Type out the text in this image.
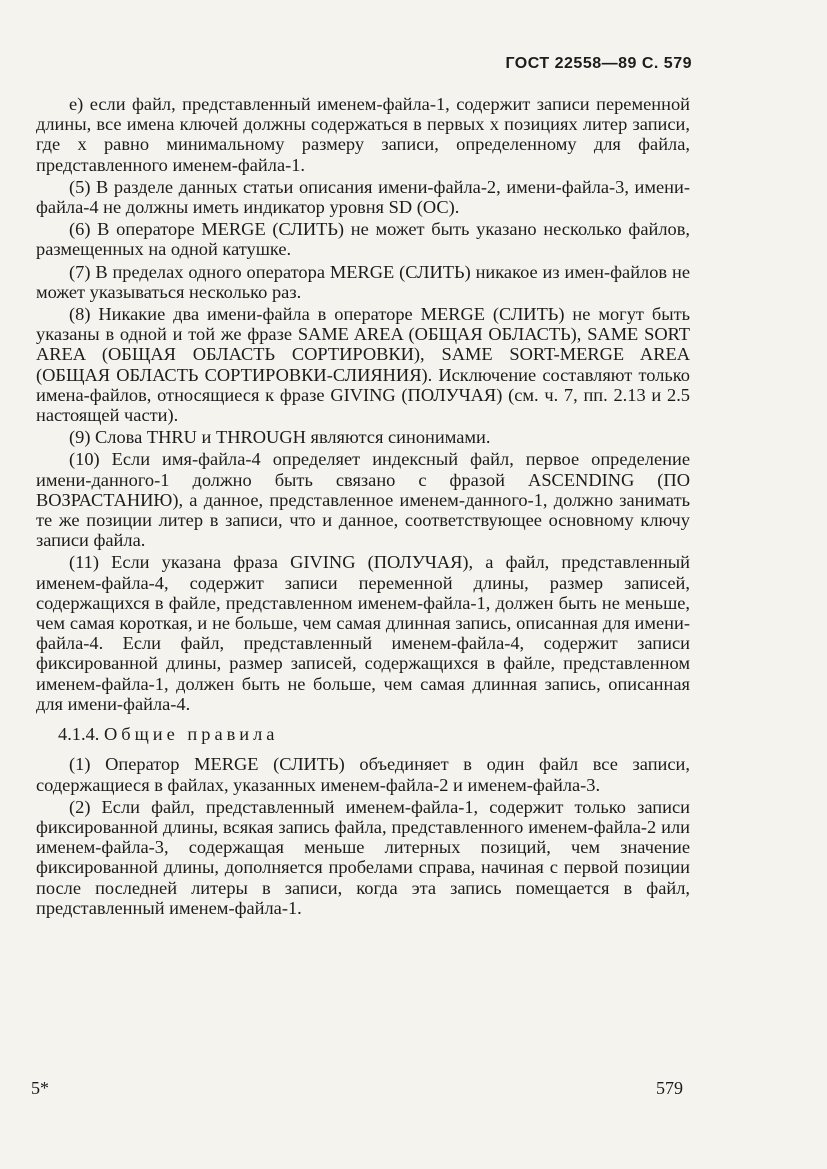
ГОСТ 22558—89 С. 579

е) если файл, представленный именем-файла-1, содержит записи переменной длины, все имена ключей должны содержаться в первых х позициях литер записи, где х равно минимальному размеру записи, определенному для файла, представленного именем-файла-1.

(5) В разделе данных статьи описания имени-файла-2, имени-файла-3, имени-файла-4 не должны иметь индикатор уровня SD (ОС).

(6) В операторе MERGE (СЛИТЬ) не может быть указано несколько файлов, размещенных на одной катушке.

(7) В пределах одного оператора MERGE (СЛИТЬ) никакое из имен-файлов не может указываться несколько раз.

(8) Никакие два имени-файла в операторе MERGE (СЛИТЬ) не могут быть указаны в одной и той же фразе SAME AREA (ОБЩАЯ ОБЛАСТЬ), SAME SORT AREA (ОБЩАЯ ОБЛАСТЬ СОРТИРОВКИ), SAME SORT-MERGE AREA (ОБЩАЯ ОБЛАСТЬ СОРТИРОВКИ-СЛИЯНИЯ). Исключение составляют только имена-файлов, относящиеся к фразе GIVING (ПОЛУЧАЯ) (см. ч. 7, пп. 2.13 и 2.5 настоящей части).

(9) Слова THRU и THROUGH являются синонимами.

(10) Если имя-файла-4 определяет индексный файл, первое определение имени-данного-1 должно быть связано с фразой ASCENDING (ПО ВОЗРАСТАНИЮ), а данное, представленное именем-данного-1, должно занимать те же позиции литер в записи, что и данное, соответствующее основному ключу записи файла.

(11) Если указана фраза GIVING (ПОЛУЧАЯ), а файл, представленный именем-файла-4, содержит записи переменной длины, размер записей, содержащихся в файле, представленном именем-файла-1, должен быть не меньше, чем самая короткая, и не больше, чем самая длинная запись, описанная для имени-файла-4. Если файл, представленный именем-файла-4, содержит записи фиксированной длины, размер записей, содержащихся в файле, представленном именем-файла-1, должен быть не больше, чем самая длинная запись, описанная для имени-файла-4.

4.1.4. Общие правила

(1) Оператор MERGE (СЛИТЬ) объединяет в один файл все записи, содержащиеся в файлах, указанных именем-файла-2 и именем-файла-3.

(2) Если файл, представленный именем-файла-1, содержит только записи фиксированной длины, всякая запись файла, представленного именем-файла-2 или именем-файла-3, содержащая меньше литерных позиций, чем значение фиксированной длины, дополняется пробелами справа, начиная с первой позиции после последней литеры в записи, когда эта запись помещается в файл, представленный именем-файла-1.

5*	579
